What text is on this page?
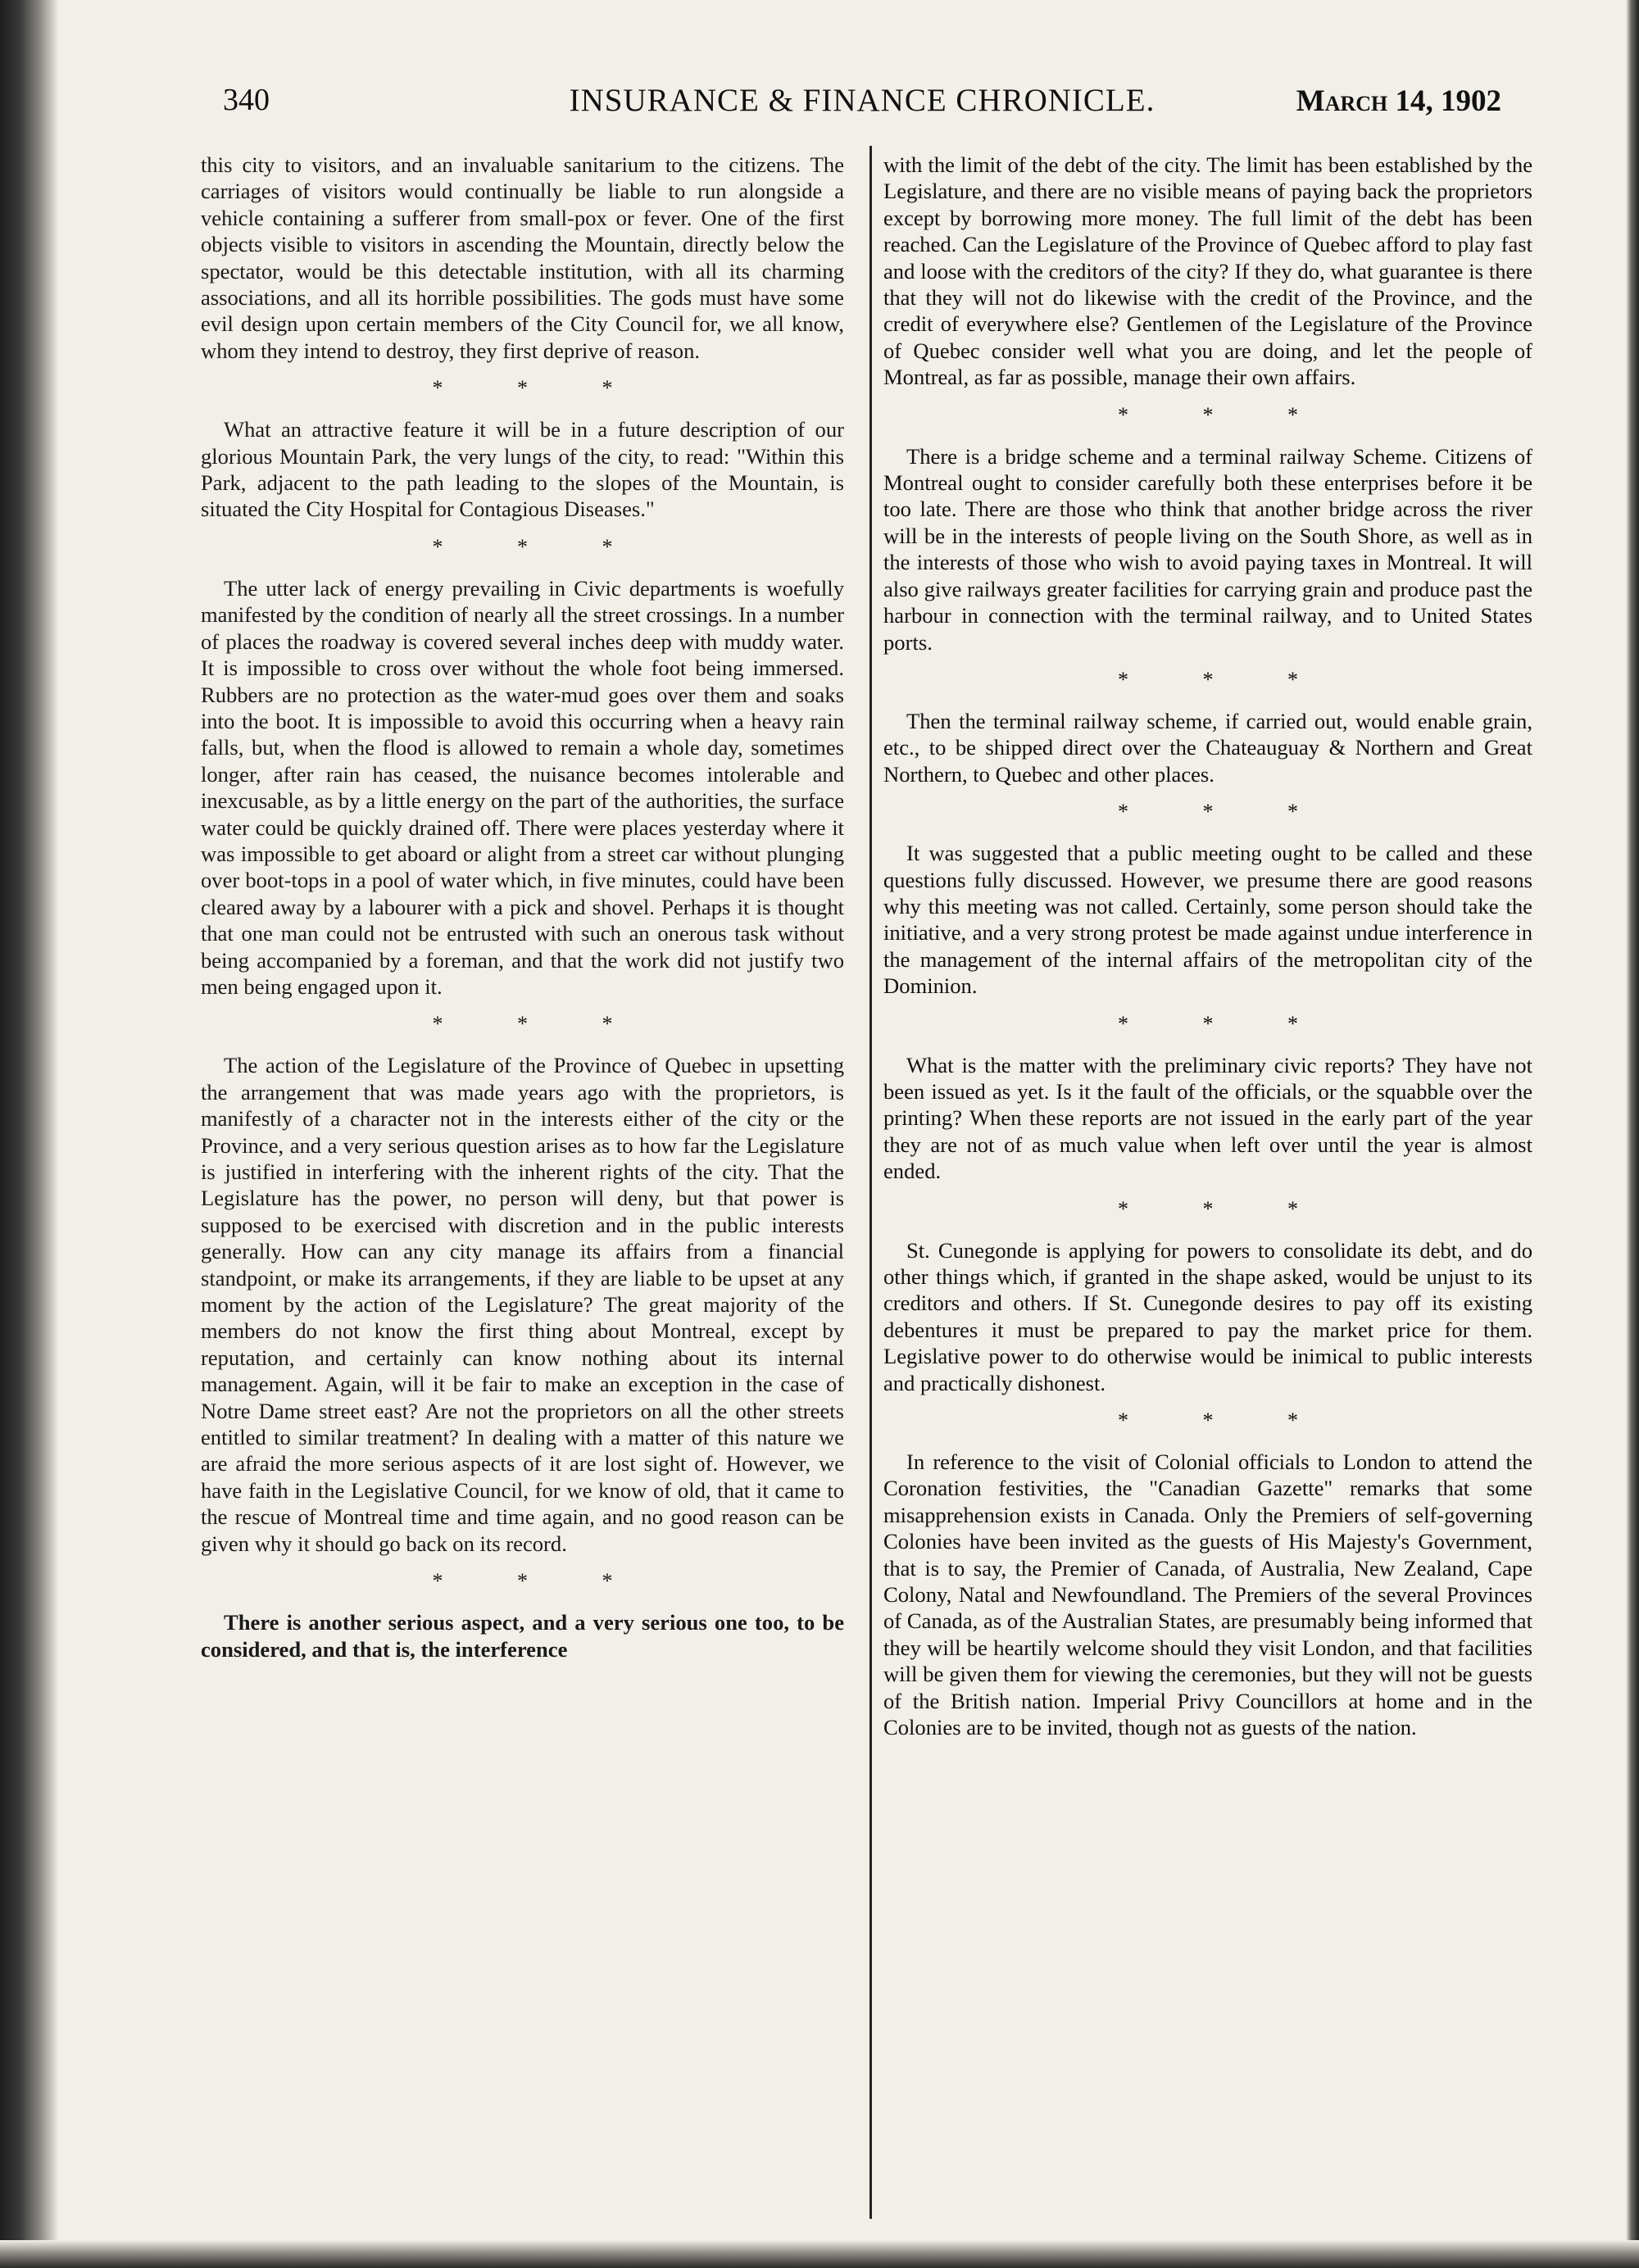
340	INSURANCE & FINANCE CHRONICLE.	March 14, 1902

this city to visitors, and an invaluable sanitarium to the citizens. The carriages of visitors would continually be liable to run alongside a vehicle containing a sufferer from small-pox or fever. One of the first objects visible to visitors in ascending the Mountain, directly below the spectator, would be this detectable institution, with all its charming associations, and all its horrible possibilities. The gods must have some evil design upon certain members of the City Council for, we all know, whom they intend to destroy, they first deprive of reason.

* * *

What an attractive feature it will be in a future description of our glorious Mountain Park, the very lungs of the city, to read: "Within this Park, adjacent to the path leading to the slopes of the Mountain, is situated the City Hospital for Contagious Diseases."

* * *

The utter lack of energy prevailing in Civic departments is woefully manifested by the condition of nearly all the street crossings. In a number of places the roadway is covered several inches deep with muddy water. It is impossible to cross over without the whole foot being immersed. Rubbers are no protection as the water-mud goes over them and soaks into the boot. It is impossible to avoid this occurring when a heavy rain falls, but, when the flood is allowed to remain a whole day, sometimes longer, after rain has ceased, the nuisance becomes intolerable and inexcusable, as by a little energy on the part of the authorities, the surface water could be quickly drained off. There were places yesterday where it was impossible to get aboard or alight from a street car without plunging over boot-tops in a pool of water which, in five minutes, could have been cleared away by a labourer with a pick and shovel. Perhaps it is thought that one man could not be entrusted with such an onerous task without being accompanied by a foreman, and that the work did not justify two men being engaged upon it.

* * *

The action of the Legislature of the Province of Quebec in upsetting the arrangement that was made years ago with the proprietors, is manifestly of a character not in the interests either of the city or the Province, and a very serious question arises as to how far the Legislature is justified in interfering with the inherent rights of the city. That the Legislature has the power, no person will deny, but that power is supposed to be exercised with discretion and in the public interests generally. How can any city manage its affairs from a financial standpoint, or make its arrangements, if they are liable to be upset at any moment by the action of the Legislature? The great majority of the members do not know the first thing about Montreal, except by reputation, and certainly can know nothing about its internal management. Again, will it be fair to make an exception in the case of Notre Dame street east? Are not the proprietors on all the other streets entitled to similar treatment? In dealing with a matter of this nature we are afraid the more serious aspects of it are lost sight of. However, we have faith in the Legislative Council, for we know of old, that it came to the rescue of Montreal time and time again, and no good reason can be given why it should go back on its record.

* * *

There is another serious aspect, and a very serious one too, to be considered, and that is, the interference

with the limit of the debt of the city. The limit has been established by the Legislature, and there are no visible means of paying back the proprietors except by borrowing more money. The full limit of the debt has been reached. Can the Legislature of the Province of Quebec afford to play fast and loose with the creditors of the city? If they do, what guarantee is there that they will not do likewise with the credit of the Province, and the credit of everywhere else? Gentlemen of the Legislature of the Province of Quebec consider well what you are doing, and let the people of Montreal, as far as possible, manage their own affairs.

* * *

There is a bridge scheme and a terminal railway Scheme. Citizens of Montreal ought to consider carefully both these enterprises before it be too late. There are those who think that another bridge across the river will be in the interests of people living on the South Shore, as well as in the interests of those who wish to avoid paying taxes in Montreal. It will also give railways greater facilities for carrying grain and produce past the harbour in connection with the terminal railway, and to United States ports.

* * *

Then the terminal railway scheme, if carried out, would enable grain, etc., to be shipped direct over the Chateauguay & Northern and Great Northern, to Quebec and other places.

* * *

It was suggested that a public meeting ought to be called and these questions fully discussed. However, we presume there are good reasons why this meeting was not called. Certainly, some person should take the initiative, and a very strong protest be made against undue interference in the management of the internal affairs of the metropolitan city of the Dominion.

* * *

What is the matter with the preliminary civic reports? They have not been issued as yet. Is it the fault of the officials, or the squabble over the printing? When these reports are not issued in the early part of the year they are not of as much value when left over until the year is almost ended.

* * *

St. Cunegonde is applying for powers to consolidate its debt, and do other things which, if granted in the shape asked, would be unjust to its creditors and others. If St. Cunegonde desires to pay off its existing debentures it must be prepared to pay the market price for them. Legislative power to do otherwise would be inimical to public interests and practically dishonest.

* * *

In reference to the visit of Colonial officials to London to attend the Coronation festivities, the "Canadian Gazette" remarks that some misapprehension exists in Canada. Only the Premiers of self-governing Colonies have been invited as the guests of His Majesty's Government, that is to say, the Premier of Canada, of Australia, New Zealand, Cape Colony, Natal and Newfoundland. The Premiers of the several Provinces of Canada, as of the Australian States, are presumably being informed that they will be heartily welcome should they visit London, and that facilities will be given them for viewing the ceremonies, but they will not be guests of the British nation. Imperial Privy Councillors at home and in the Colonies are to be invited, though not as guests of the nation.
